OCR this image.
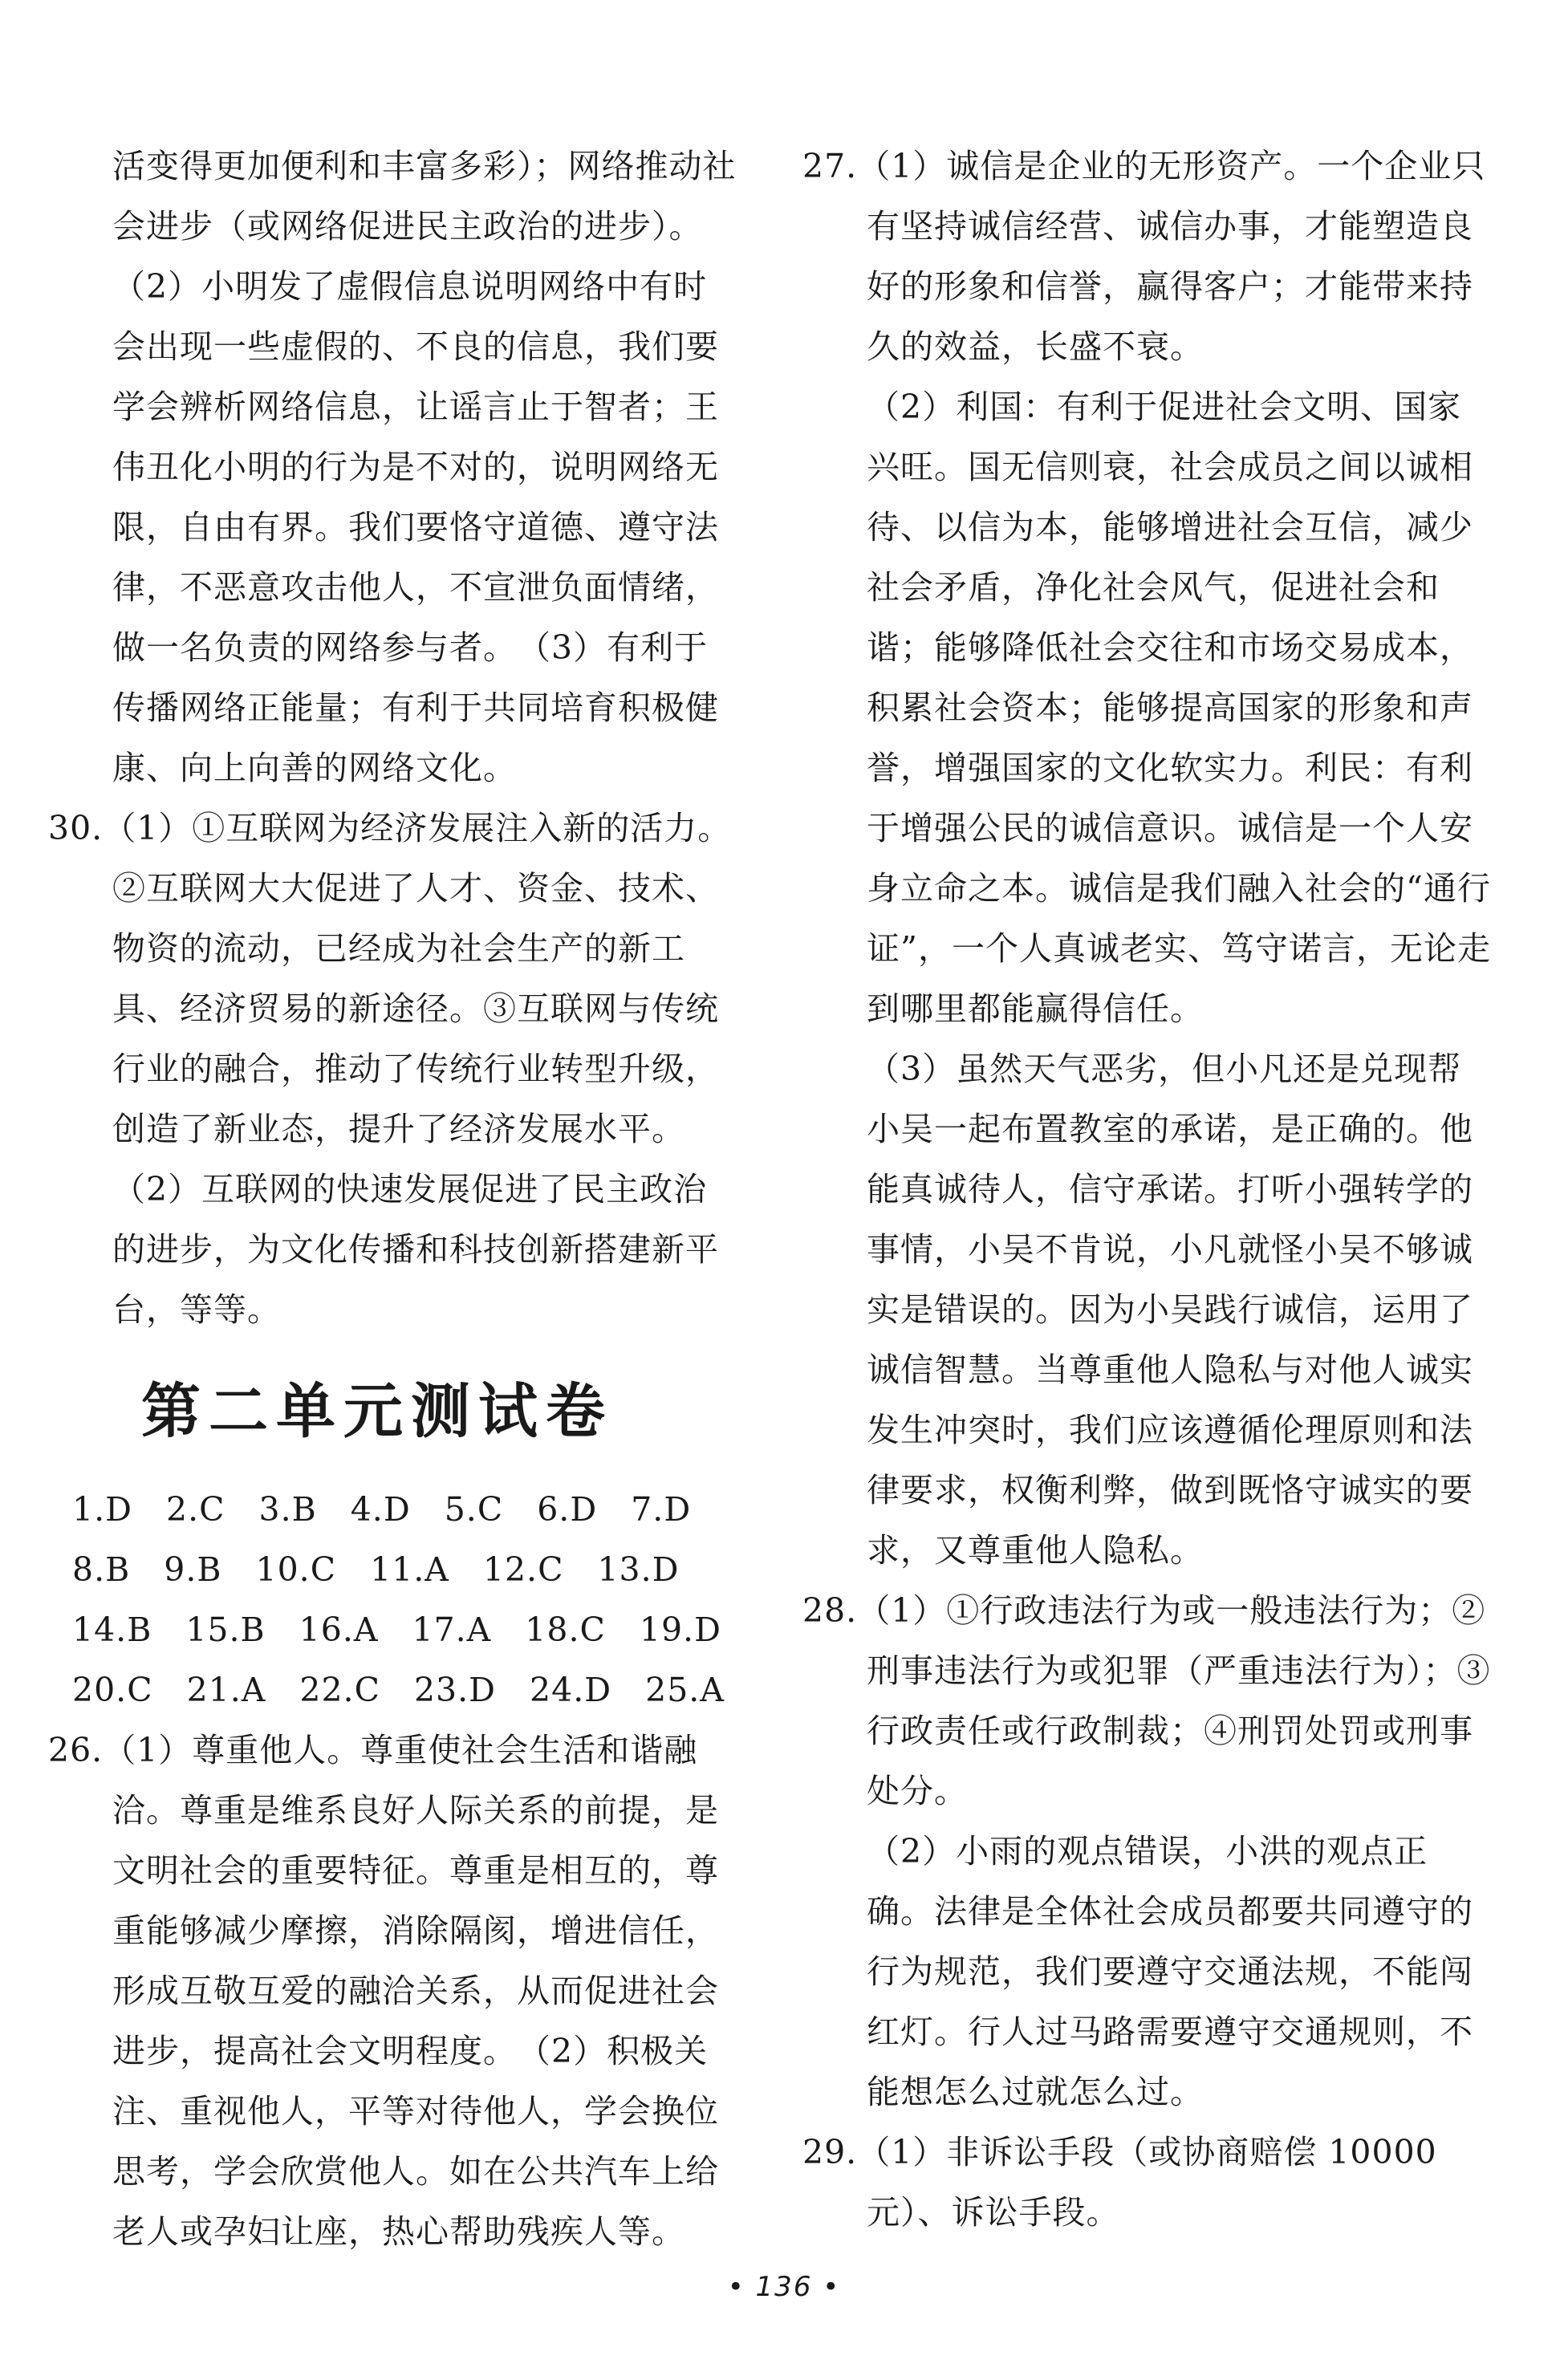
活变得更加便利和丰富多彩）；网络推动社会进步（或网络促进民主政治的进步）。

（2）小明发了虚假信息说明网络中有时会出现一些虚假的、不良的信息，我们要学会辨析网络信息，让谣言止于智者；王伟丑化小明的行为是不对的，说明网络无限，自由有界。我们要恪守道德、遵守法律，不恶意攻击他人，不宣泄负面情绪，做一名负责的网络参与者。　（3）有利于传播网络正能量；有利于共同培育积极健康、向上向善的网络文化。

30.（1）①互联网为经济发展注入新的活力。②互联网大大促进了人才、资金、技术、物资的流动，已经成为社会生产的新工具、经济贸易的新途径。③互联网与传统行业的融合，推动了传统行业转型升级，创造了新业态，提升了经济发展水平。

（2）互联网的快速发展促进了民主政治的进步，为文化传播和科技创新搭建新平台，等等。

第二单元测试卷

1.D　2.C　3.B　4.D　5.C　6.D　7.D

8.B　9.B　10.C　11.A　12.C　13.D

14.B　15.B　16.A　17.A　18.C　19.D

20.C　21.A　22.C　23.D　24.D　25.A

26.（1）尊重他人。尊重使社会生活和谐融洽。尊重是维系良好人际关系的前提，是文明社会的重要特征。尊重是相互的，尊重能够减少摩擦，消除隔阂，增进信任，形成互敬互爱的融洽关系，从而促进社会进步，提高社会文明程度。　（2）积极关注、重视他人，平等对待他人，学会换位思考，学会欣赏他人。如在公共汽车上给老人或孕妇让座，热心帮助残疾人等。

27.（1）诚信是企业的无形资产。一个企业只有坚持诚信经营、诚信办事，才能塑造良好的形象和信誉，赢得客户；才能带来持久的效益，长盛不衰。

（2）利国：有利于促进社会文明、国家兴旺。国无信则衰，社会成员之间以诚相待、以信为本，能够增进社会互信，减少社会矛盾，净化社会风气，促进社会和谐；能够降低社会交往和市场交易成本，积累社会资本；能够提高国家的形象和声誉，增强国家的文化软实力。利民：有利于增强公民的诚信意识。诚信是一个人安身立命之本。诚信是我们融入社会的“通行证”，一个人真诚老实、笃守诺言，无论走到哪里都能赢得信任。

（3）虽然天气恶劣，但小凡还是兑现帮小吴一起布置教室的承诺，是正确的。他能真诚待人，信守承诺。打听小强转学的事情，小吴不肯说，小凡就怪小吴不够诚实是错误的。因为小吴践行诚信，运用了诚信智慧。当尊重他人隐私与对他人诚实发生冲突时，我们应该遵循伦理原则和法律要求，权衡利弊，做到既恪守诚实的要求，又尊重他人隐私。

28.（1）①行政违法行为或一般违法行为；②刑事违法行为或犯罪（严重违法行为）；③行政责任或行政制裁；④刑罚处罚或刑事处分。

（2）小雨的观点错误，小洪的观点正确。法律是全体社会成员都要共同遵守的行为规范，我们要遵守交通法规，不能闯红灯。行人过马路需要遵守交通规则，不能想怎么过就怎么过。

29.（1）非诉讼手段（或协商赔偿 10000 元）、诉讼手段。

• 136 •
